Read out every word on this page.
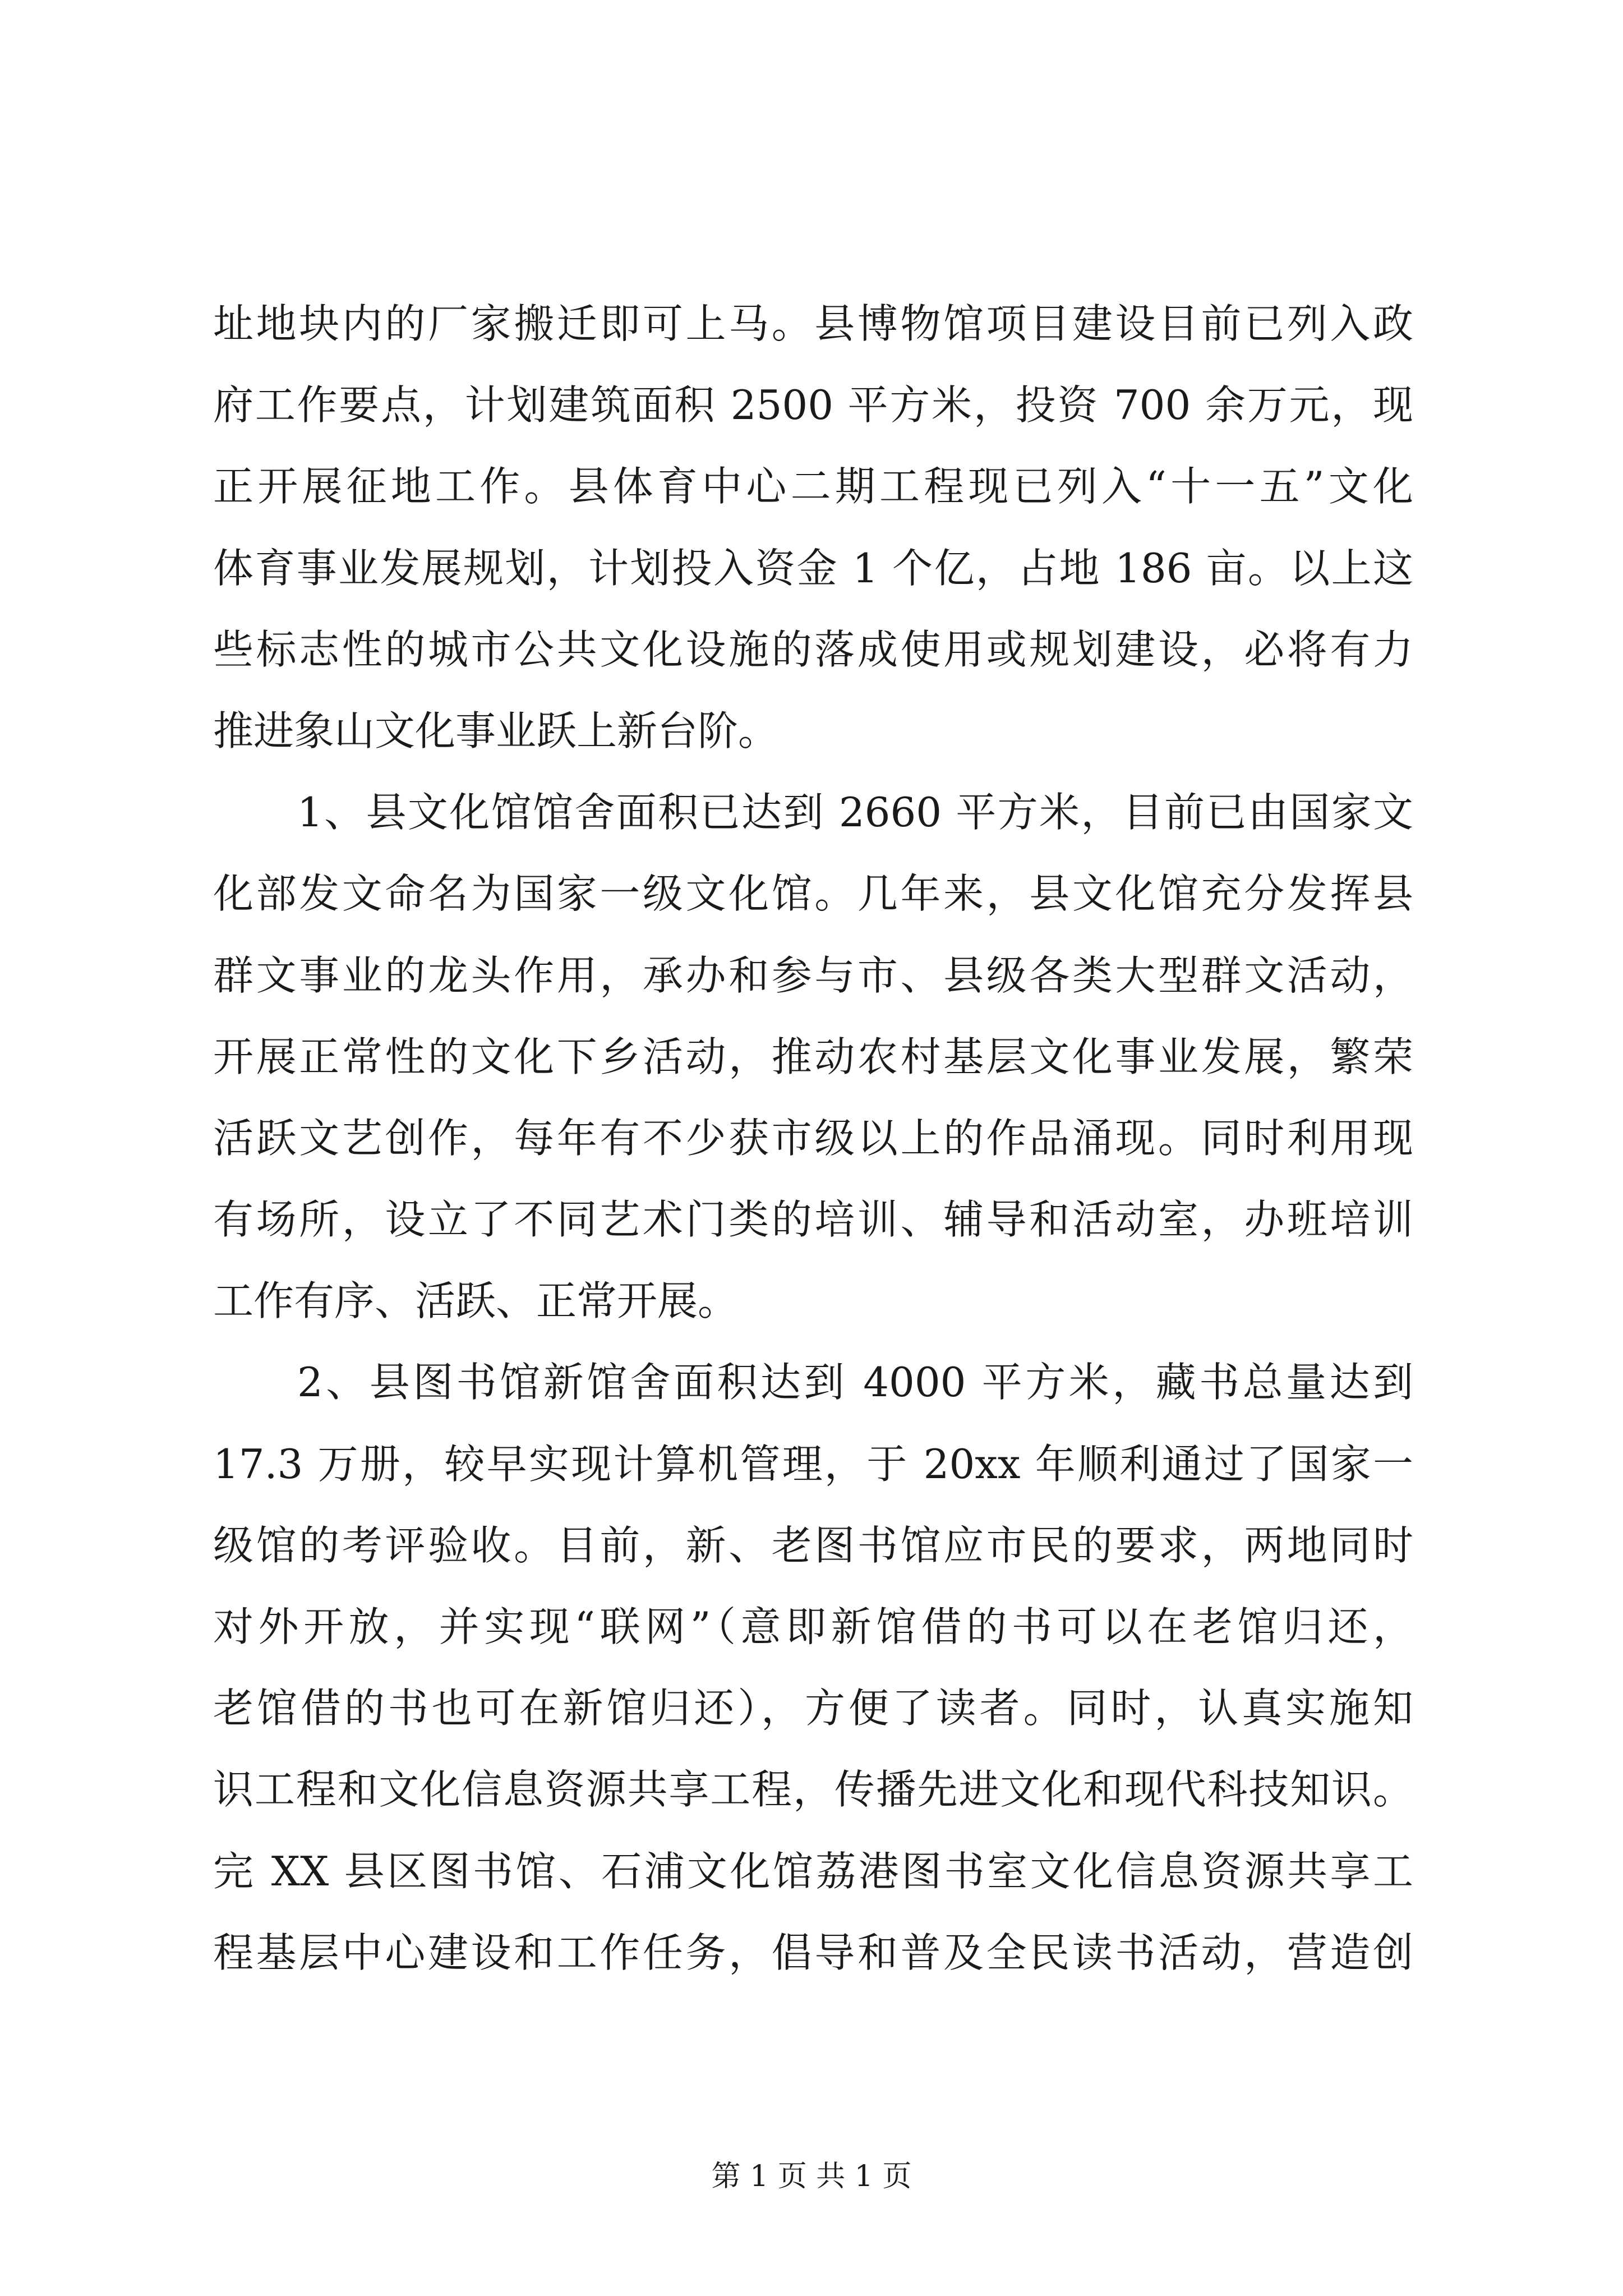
址地块内的厂家搬迁即可上马。县博物馆项目建设目前已列入政
府工作要点，计划建筑面积 2500 平方米，投资 700 余万元，现
正开展征地工作。县体育中心二期工程现已列入“十一五”文化
体育事业发展规划，计划投入资金 1 个亿，占地 186 亩。以上这
些标志性的城市公共文化设施的落成使用或规划建设，必将有力
推进象山文化事业跃上新台阶。
1、县文化馆馆舍面积已达到 2660 平方米，目前已由国家文
化部发文命名为国家一级文化馆。几年来，县文化馆充分发挥县
群文事业的龙头作用，承办和参与市、县级各类大型群文活动，
开展正常性的文化下乡活动，推动农村基层文化事业发展，繁荣
活跃文艺创作，每年有不少获市级以上的作品涌现。同时利用现
有场所，设立了不同艺术门类的培训、辅导和活动室，办班培训
工作有序、活跃、正常开展。
2、县图书馆新馆舍面积达到 4000 平方米，藏书总量达到
17.3 万册，较早实现计算机管理，于 20xx 年顺利通过了国家一
级馆的考评验收。目前，新、老图书馆应市民的要求，两地同时
对外开放，并实现“联网”（意即新馆借的书可以在老馆归还，
老馆借的书也可在新馆归还），方便了读者。同时，认真实施知
识工程和文化信息资源共享工程，传播先进文化和现代科技知识。
完 XX 县区图书馆、石浦文化馆荔港图书室文化信息资源共享工
程基层中心建设和工作任务，倡导和普及全民读书活动，营造创
第 1 页 共 1 页
